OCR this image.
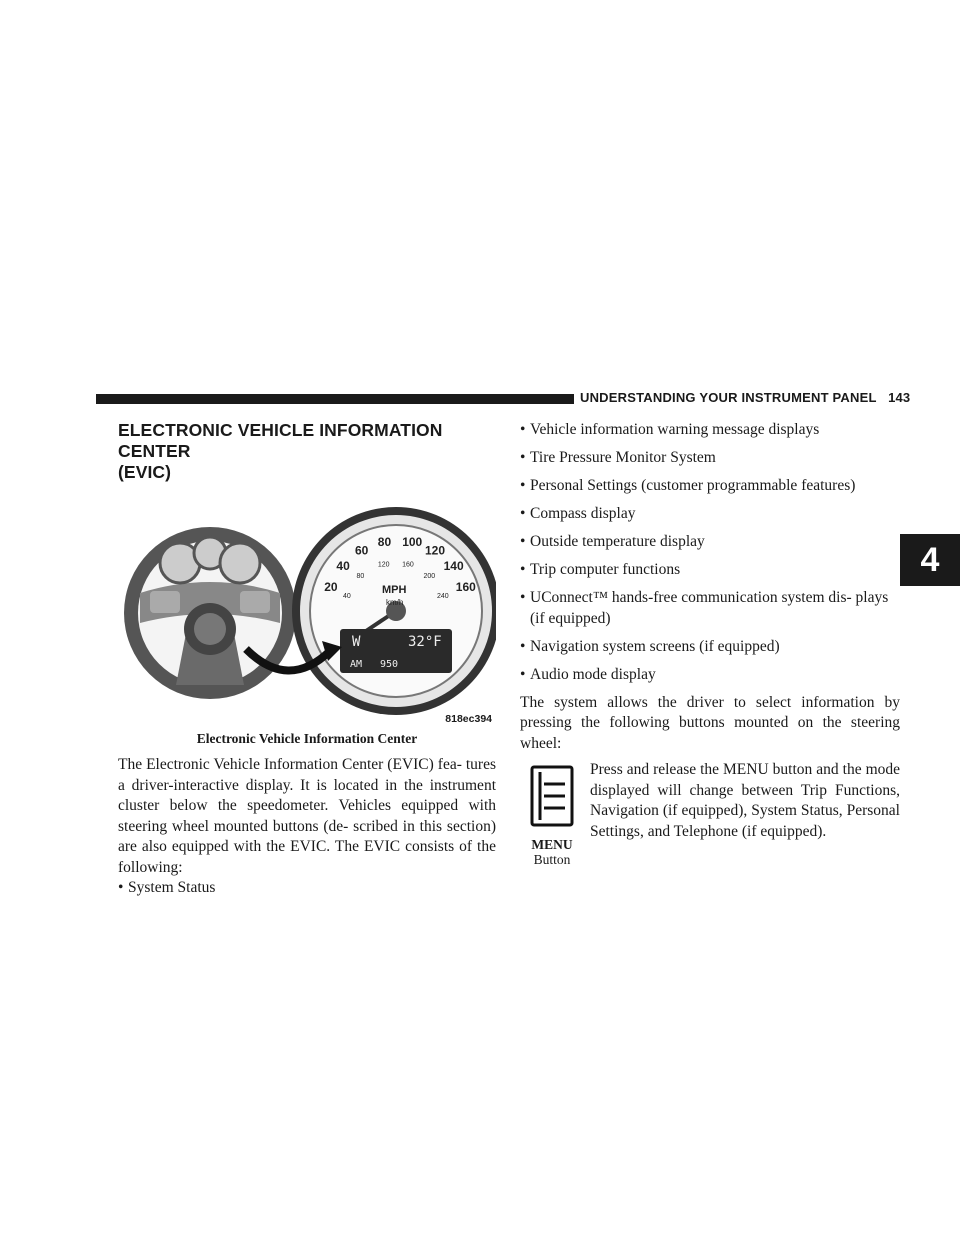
UNDERSTANDING YOUR INSTRUMENT PANEL 143
4
ELECTRONIC VEHICLE INFORMATION CENTER
(EVIC)
W	32°F
AM 950
MPH
km/h
20
40
60
80 100
120
140
160
40
80
120 160
200
240
818ec394
Electronic Vehicle Information Center

The Electronic Vehicle Information Center (EVIC) fea- tures a driver-interactive display. It is located in the instrument cluster below the speedometer. Vehicles equipped with steering wheel mounted buttons (de- scribed in this section) are also equipped with the EVIC. The EVIC consists of the following:

• System Status
• Vehicle information warning message displays
• Tire Pressure Monitor System
• Personal Settings (customer programmable features)
• Compass display
• Outside temperature display
• Trip computer functions
• UConnect™ hands-free communication system dis- plays (if equipped)
• Navigation system screens (if equipped)
• Audio mode display

The system allows the driver to select information by pressing the following buttons mounted on the steering wheel:

MENU
Button
Press and release the MENU button and the mode displayed will change between Trip Functions, Navigation (if equipped), System Status, Personal Settings, and Telephone (if equipped).
